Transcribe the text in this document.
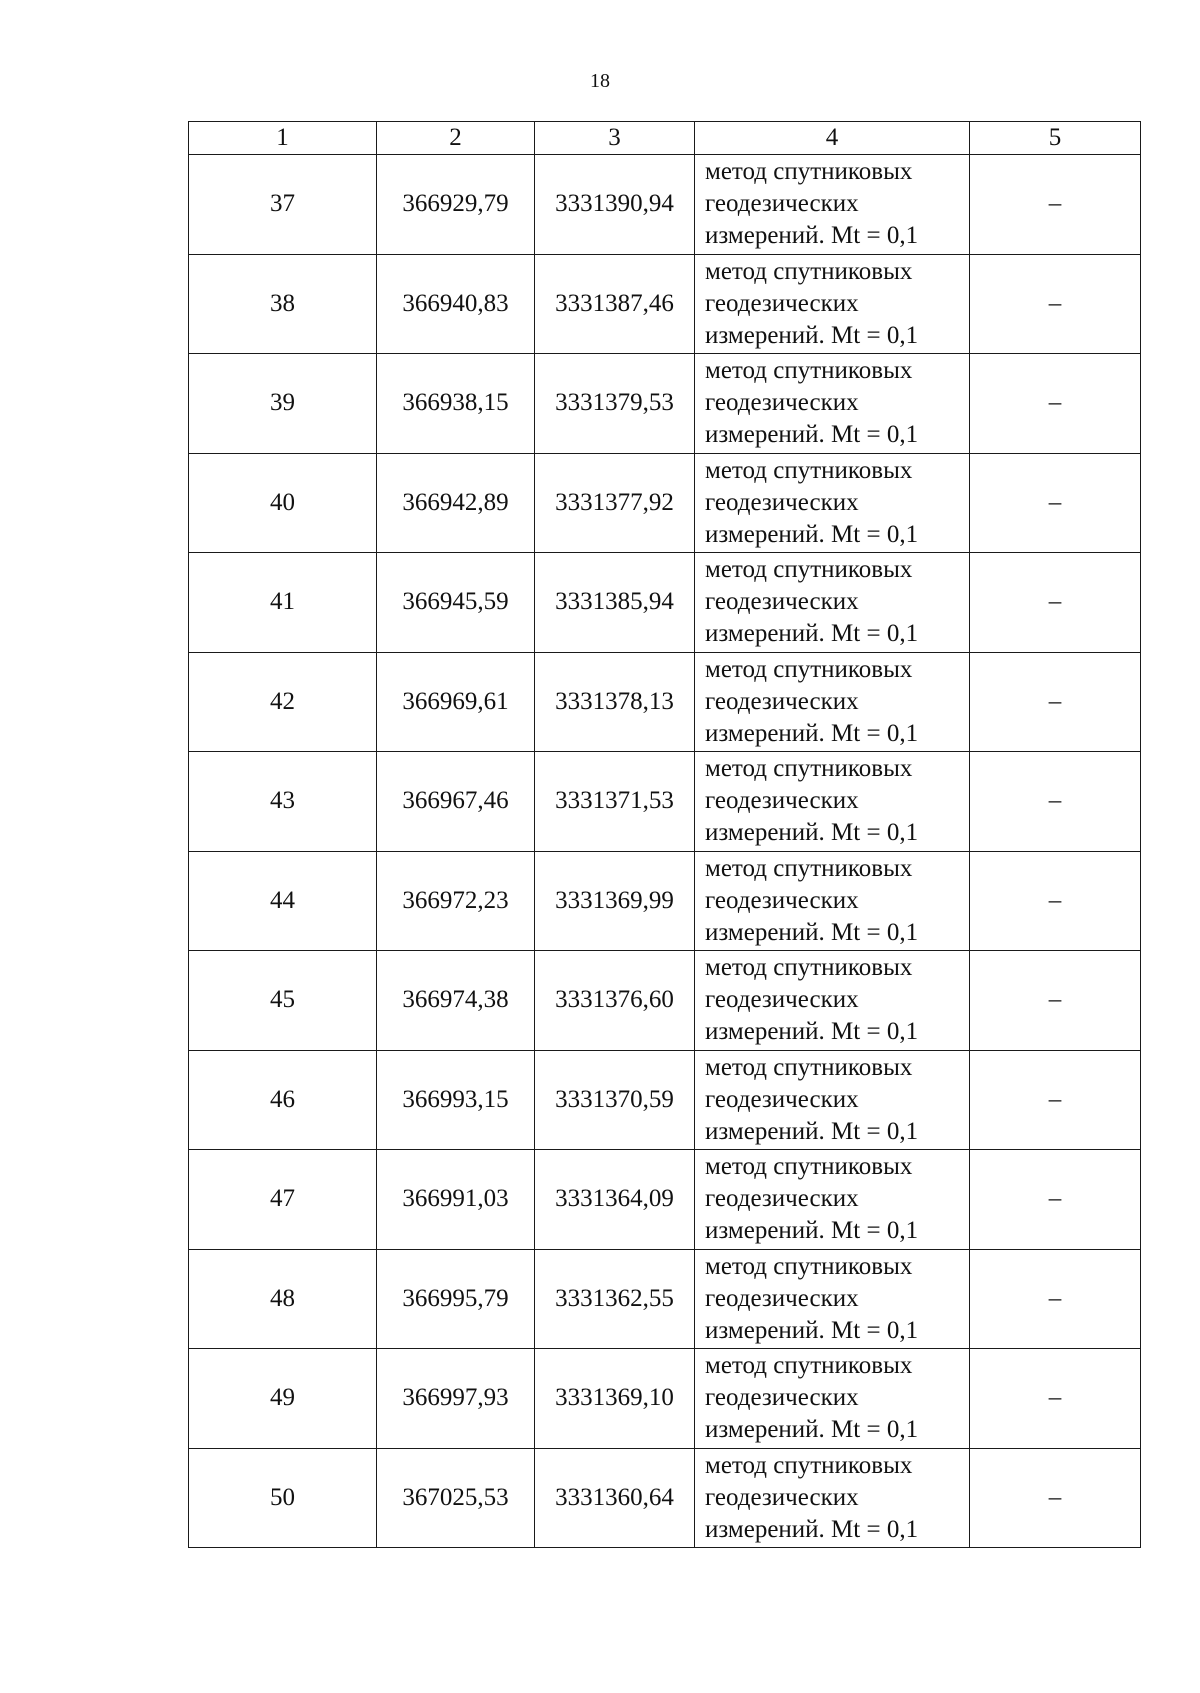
18
1	2	3	4	5
37	366929,79	3331390,94	метод спутниковых
геодезических
измерений. Mt = 0,1	–
38	366940,83	3331387,46	метод спутниковых
геодезических
измерений. Mt = 0,1	–
39	366938,15	3331379,53	метод спутниковых
геодезических
измерений. Mt = 0,1	–
40	366942,89	3331377,92	метод спутниковых
геодезических
измерений. Mt = 0,1	–
41	366945,59	3331385,94	метод спутниковых
геодезических
измерений. Mt = 0,1	–
42	366969,61	3331378,13	метод спутниковых
геодезических
измерений. Mt = 0,1	–
43	366967,46	3331371,53	метод спутниковых
геодезических
измерений. Mt = 0,1	–
44	366972,23	3331369,99	метод спутниковых
геодезических
измерений. Mt = 0,1	–
45	366974,38	3331376,60	метод спутниковых
геодезических
измерений. Mt = 0,1	–
46	366993,15	3331370,59	метод спутниковых
геодезических
измерений. Mt = 0,1	–
47	366991,03	3331364,09	метод спутниковых
геодезических
измерений. Mt = 0,1	–
48	366995,79	3331362,55	метод спутниковых
геодезических
измерений. Mt = 0,1	–
49	366997,93	3331369,10	метод спутниковых
геодезических
измерений. Mt = 0,1	–
50	367025,53	3331360,64	метод спутниковых
геодезических
измерений. Mt = 0,1	–
